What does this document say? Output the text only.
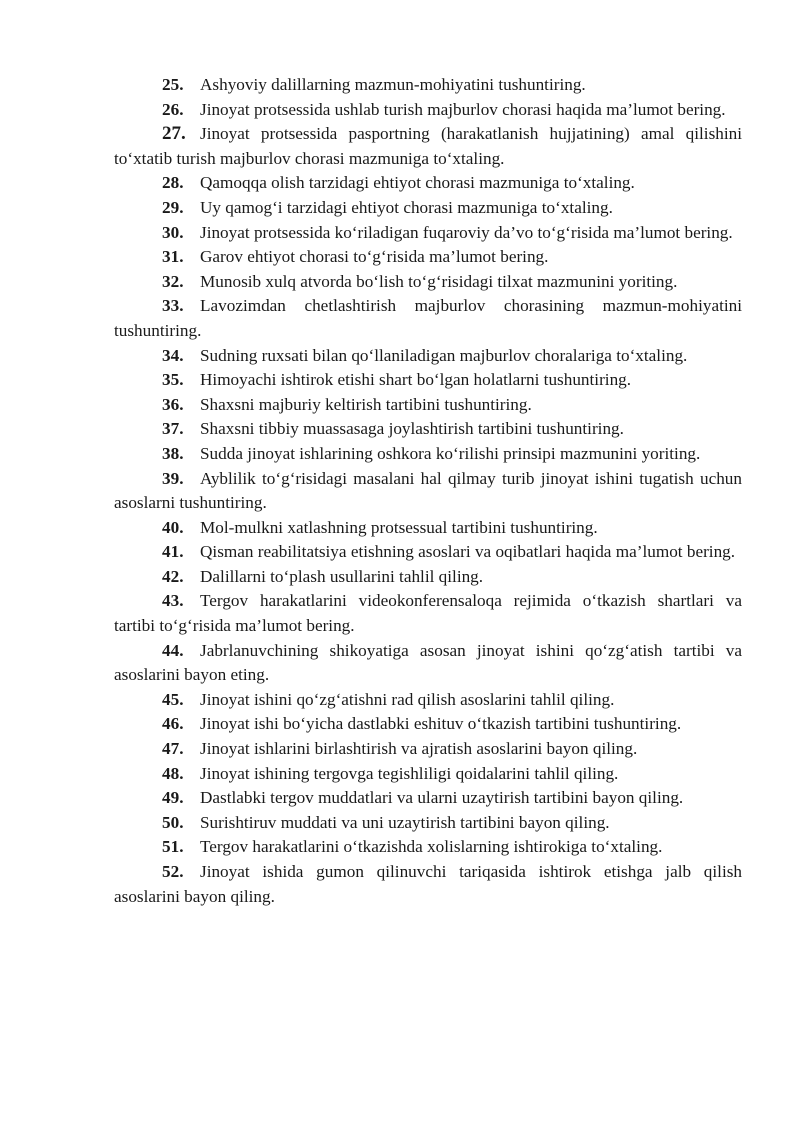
25. Ashyoviy dalillarning mazmun-mohiyatini tushuntiring.

26. Jinoyat protsessida ushlab turish majburlov chorasi haqida ma’lumot bering.

27. Jinoyat protsessida pasportning (harakatlanish hujjatining) amal qilishini to‘xtatib turish majburlov chorasi mazmuniga to‘xtaling.

28. Qamoqqa olish tarzidagi ehtiyot chorasi mazmuniga to‘xtaling.

29. Uy qamog‘i tarzidagi ehtiyot chorasi mazmuniga to‘xtaling.

30. Jinoyat protsessida ko‘riladigan fuqaroviy da’vo to‘g‘risida ma’lumot bering.

31. Garov ehtiyot chorasi to‘g‘risida ma’lumot bering.

32. Munosib xulq atvorda bo‘lish to‘g‘risidagi tilxat mazmunini yoriting.

33. Lavozimdan chetlashtirish majburlov chorasining mazmun-mohiyatini tushuntiring.

34. Sudning ruxsati bilan qo‘llaniladigan majburlov choralariga to‘xtaling.

35. Himoyachi ishtirok etishi shart bo‘lgan holatlarni tushuntiring.

36. Shaxsni majburiy keltirish tartibini tushuntiring.

37. Shaxsni tibbiy muassasaga joylashtirish tartibini tushuntiring.

38. Sudda jinoyat ishlarining oshkora ko‘rilishi prinsipi mazmunini yoriting.

39. Ayblilik to‘g‘risidagi masalani hal qilmay turib jinoyat ishini tugatish uchun asoslarni tushuntiring.

40. Mol-mulkni xatlashning protsessual tartibini tushuntiring.

41. Qisman reabilitatsiya etishning asoslari va oqibatlari haqida ma’lumot bering.

42. Dalillarni to‘plash usullarini tahlil qiling.

43. Tergov harakatlarini videokonferensaloqa rejimida o‘tkazish shartlari va tartibi to‘g‘risida ma’lumot bering.

44. Jabrlanuvchining shikoyatiga asosan jinoyat ishini qo‘zg‘atish tartibi va asoslarini bayon eting.

45. Jinoyat ishini qo‘zg‘atishni rad qilish asoslarini tahlil qiling.

46. Jinoyat ishi bo‘yicha dastlabki eshituv o‘tkazish tartibini tushuntiring.

47. Jinoyat ishlarini birlashtirish va ajratish asoslarini bayon qiling.

48. Jinoyat ishining tergovga tegishliligi qoidalarini tahlil qiling.

49. Dastlabki tergov muddatlari va ularni uzaytirish tartibini bayon qiling.

50. Surishtiruv muddati va uni uzaytirish tartibini bayon qiling.

51. Tergov harakatlarini o‘tkazishda xolislarning ishtirokiga to‘xtaling.

52. Jinoyat ishida gumon qilinuvchi tariqasida ishtirok etishga jalb qilish asoslarini bayon qiling.
